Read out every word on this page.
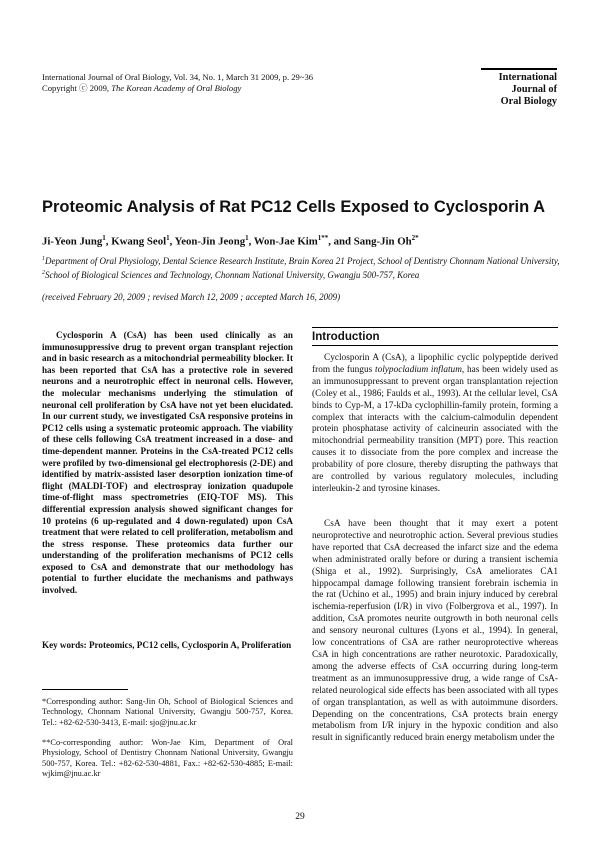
International Journal of Oral Biology, Vol. 34, No. 1, March 31 2009, p. 29~36
Copyright ⓒ 2009, The Korean Academy of Oral Biology
International
Journal of
Oral Biology
Proteomic Analysis of Rat PC12 Cells Exposed to Cyclosporin A
Ji-Yeon Jung$^1$, Kwang Seol$^1$, Yeon-Jin Jeong$^1$, Won-Jae Kim$^{1**}$, and Sang-Jin $Oh^{2*}$
$^1$Department of Oral Physiology, Dental Science Research Institute, Brain Korea 21 Project, School of Dentistry Chonnam National University, $^2$School of Biological Sciences and Technology, Chonnam National University, Gwangju 500-757, Korea
(received February 20, 2009 ; revised March 12, 2009 ; accepted March 16, 2009)

Cyclosporin A (CsA) has been used clinically as an immunosuppressive drug to prevent organ transplant rejection and in basic research as a mitochondrial permeability blocker. It has been reported that CsA has a protective role in severed neurons and a neurotrophic effect in neuronal cells. However, the molecular mechanisms underlying the stimulation of neuronal cell proliferation by CsA have not yet been elucidated. In our current study, we investigated CsA responsive proteins in PC12 cells using a systematic proteomic approach. The viability of these cells following CsA treatment increased in a dose- and time-dependent manner. Proteins in the CsA-treated PC12 cells were profiled by two-dimensional gel electrophoresis (2-DE) and identified by matrix-assisted laser desorption ionization time-of flight (MALDI-TOF) and electrospray ionization quadupole time-of-flight mass spectrometries (EIQ-TOF MS). This differential expression analysis showed significant changes for 10 proteins (6 up-regulated and 4 down-regulated) upon CsA treatment that were related to cell proliferation, metabolism and the stress response. These proteomics data further our understanding of the proliferation mechanisms of PC12 cells exposed to CsA and demonstrate that our methodology has potential to further elucidate the mechanisms and pathways involved.

Key words: Proteomics, PC12 cells, Cyclosporin A, Proliferation

*Corresponding author: Sang-Jin Oh, School of Biological Sciences and Technology, Chonnam National University, Gwangju 500-757, Korea. Tel.: +82-62-530-3413, E-mail: sjo@jnu.ac.kr

**Co-corresponding author: Won-Jae Kim, Department of Oral Physiology, School of Dentistry Chonnam National University, Gwangju 500-757, Korea. Tel.: +82-62-530-4881, Fax.: +82-62-530-4885; E-mail: wjkim@jnu.ac.kr

Introduction

Cyclosporin A (CsA), a lipophilic cyclic polypeptide derived from the fungus tolypocladium inflatum, has been widely used as an immunosuppressant to prevent organ transplantation rejection (Coley et al., 1986; Faulds et al., 1993). At the cellular level, CsA binds to Cyp-M, a 17-kDa cyclophillin-family protein, forming a complex that interacts with the calcium-calmodulin dependent protein phosphatase activity of calcineurin associated with the mitochondrial permeability transition (MPT) pore. This reaction causes it to dissociate from the pore complex and increase the probability of pore closure, thereby disrupting the pathways that are controlled by various regulatory molecules, including interleukin-2 and tyrosine kinases.

CsA have been thought that it may exert a potent neuroprotective and neurotrophic action. Several previous studies have reported that CsA decreased the infarct size and the edema when administrated orally before or during a transient ischemia (Shiga et al., 1992). Surprisingly, CsA ameliorates CA1 hippocampal damage following transient forebrain ischemia in the rat (Uchino et al., 1995) and brain injury induced by cerebral ischemia-reperfusion (I/R) in vivo (Folbergrova et al., 1997). In addition, CsA promotes neurite outgrowth in both neuronal cells and sensory neuronal cultures (Lyons et al., 1994). In general, low concentrations of CsA are rather neuroprotective whereas CsA in high concentrations are rather neurotoxic. Paradoxically, among the adverse effects of CsA occurring during long-term treatment as an immunosuppressive drug, a wide range of CsA-related neurological side effects has been associated with all types of organ transplantation, as well as with autoimmune disorders. Depending on the concentrations, CsA protects brain energy metabolism from I/R injury in the hypoxic condition and also result in significantly reduced brain energy metabolism under the

29
